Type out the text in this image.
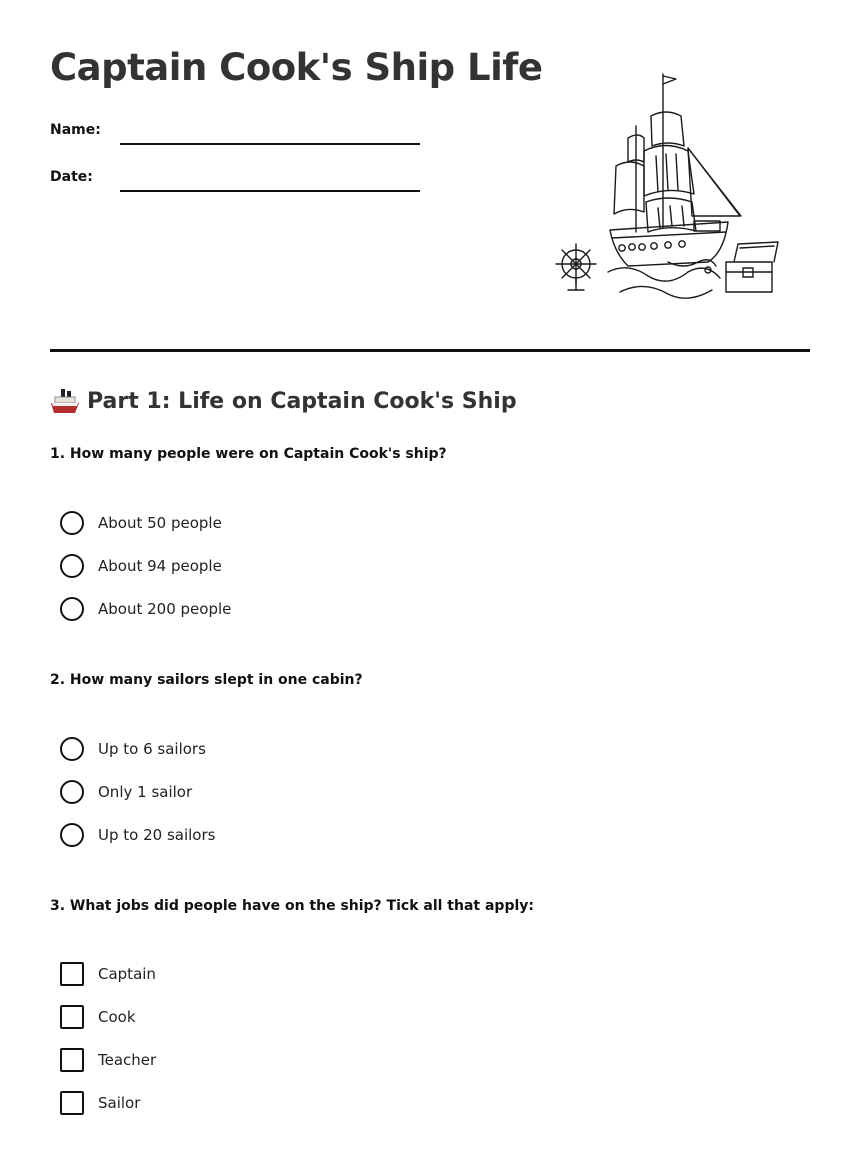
Captain Cook's Ship Life
Name:
Date:
Part 1: Life on Captain Cook's Ship
1. How many people were on Captain Cook's ship?
About 50 people
About 94 people
About 200 people
2. How many sailors slept in one cabin?
Up to 6 sailors
Only 1 sailor
Up to 20 sailors
3. What jobs did people have on the ship? Tick all that apply:
Captain
Cook
Teacher
Sailor
